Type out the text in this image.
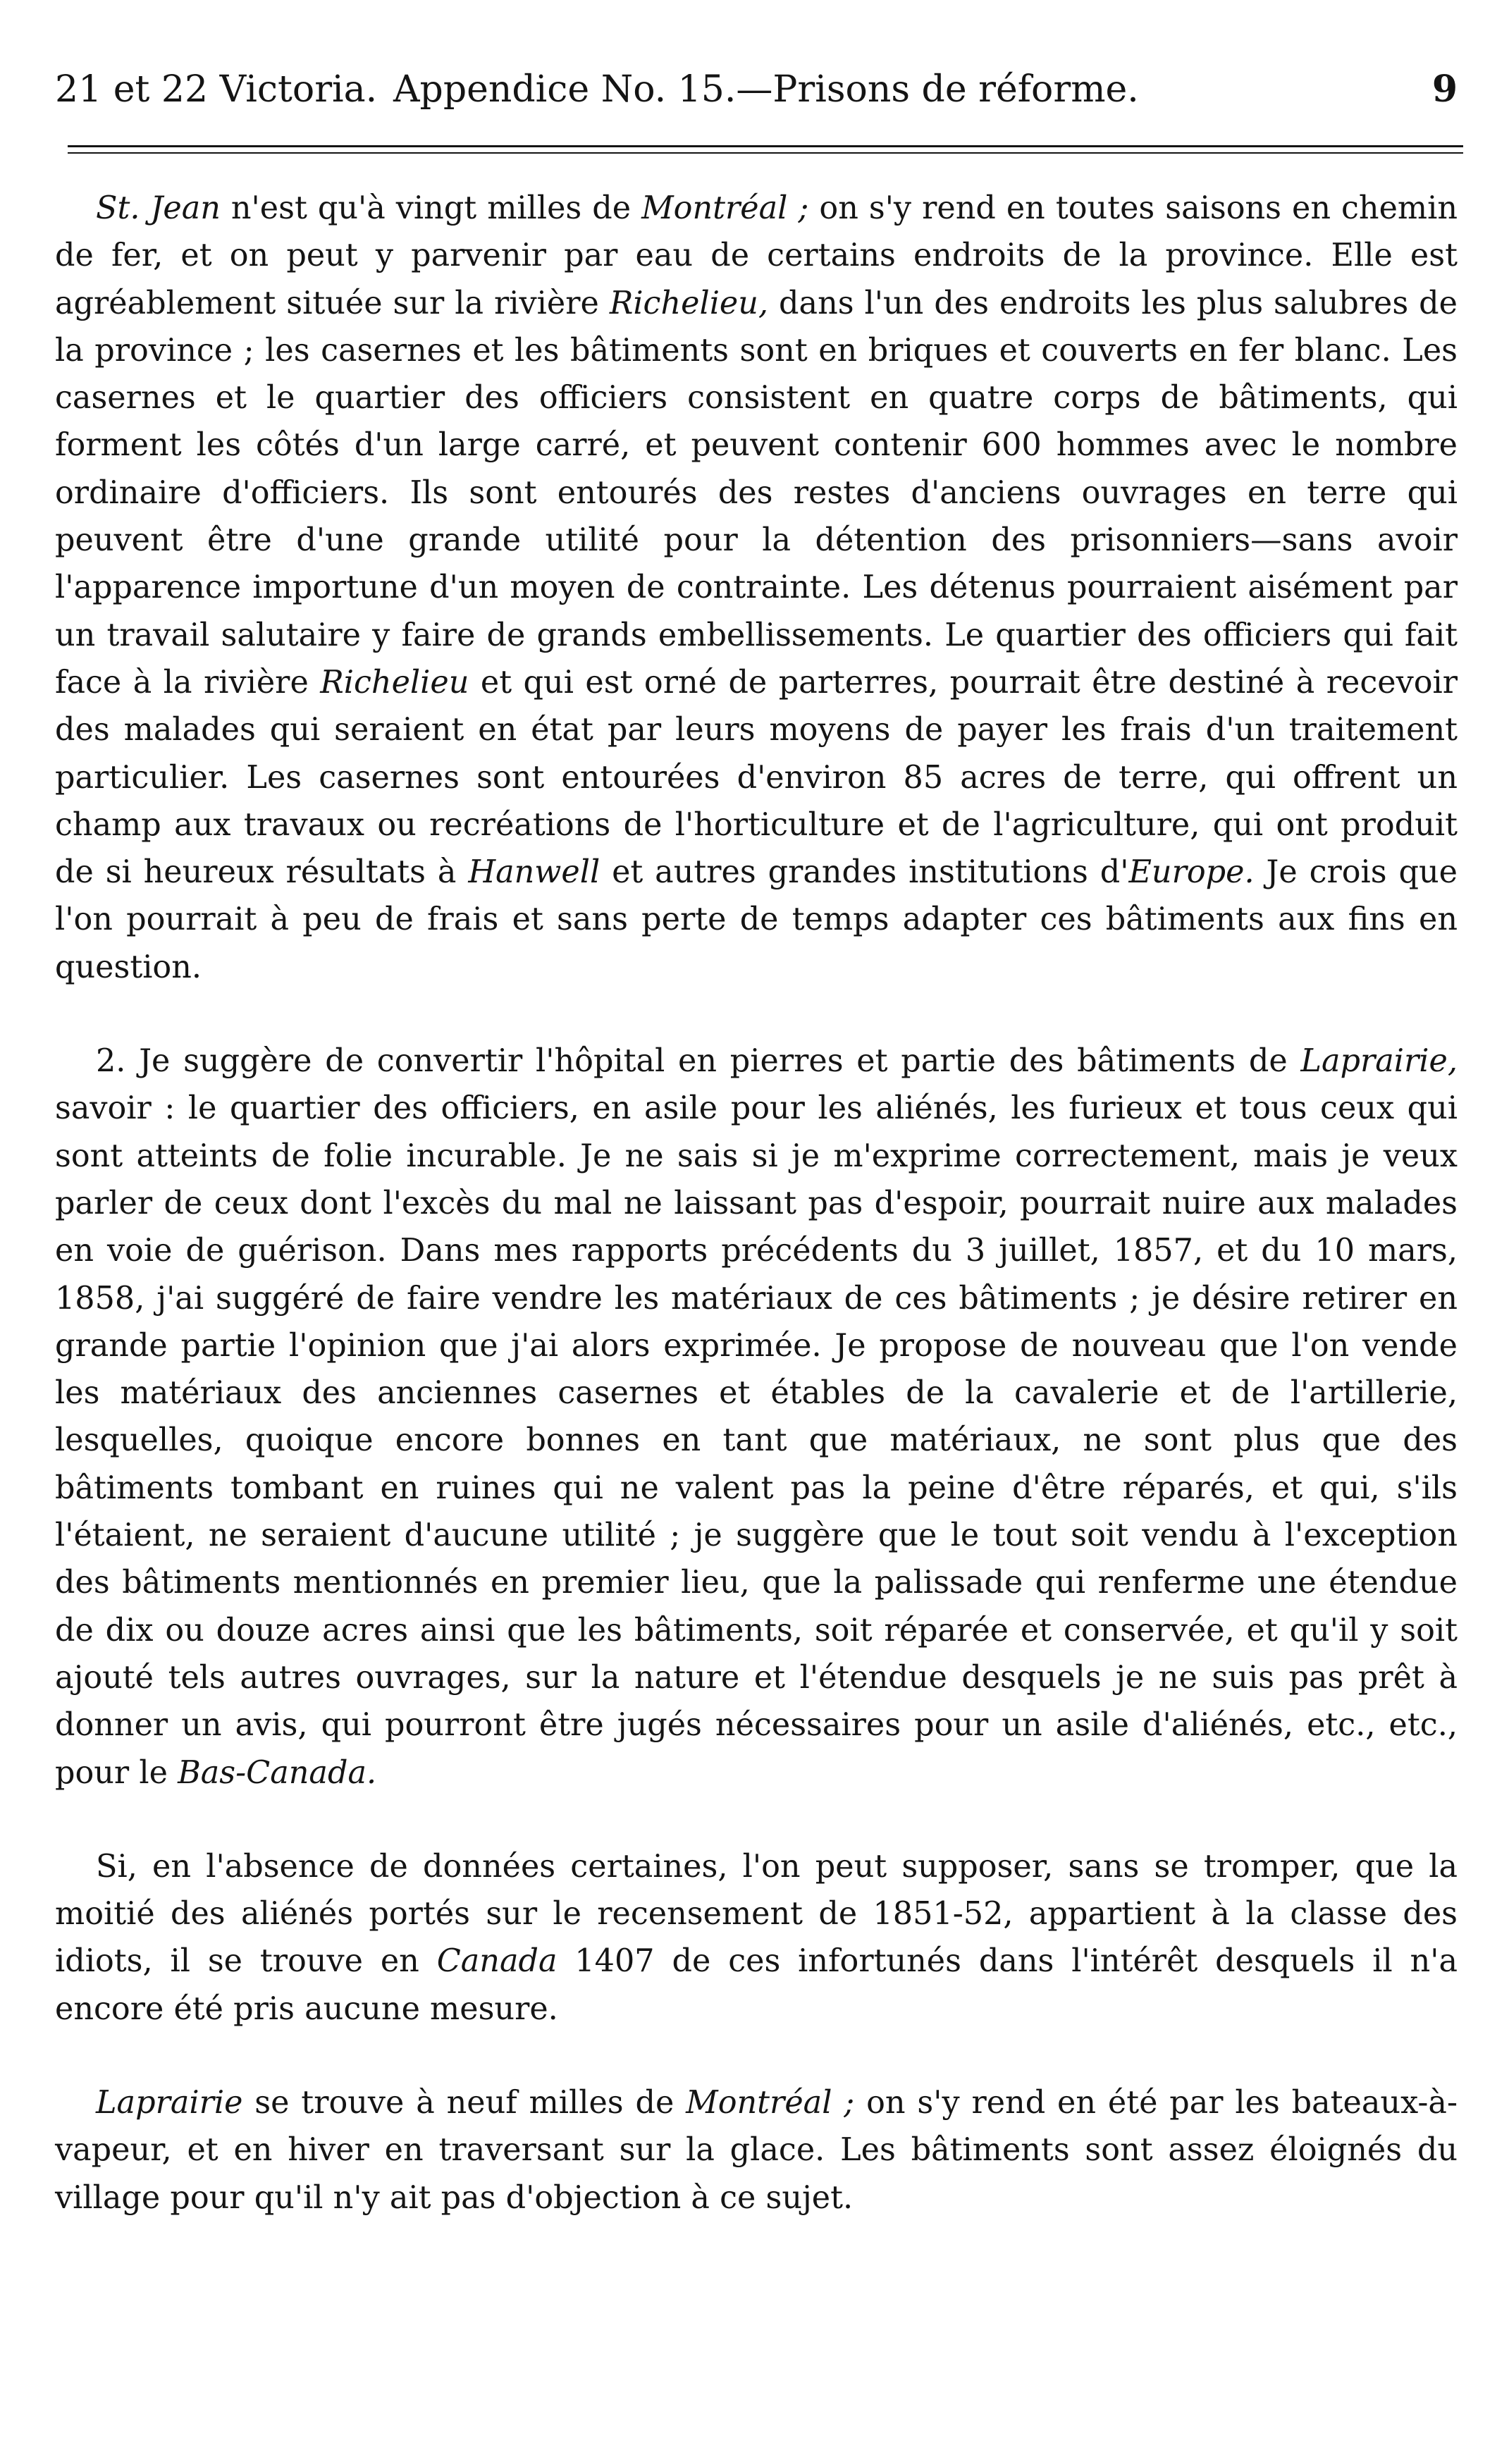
21 et 22 Victoria. Appendice No. 15.—Prisons de réforme.	9

St. Jean n'est qu'à vingt milles de Montréal ; on s'y rend en toutes saisons en chemin de fer, et on peut y parvenir par eau de certains endroits de la province. Elle est agréablement située sur la rivière Richelieu, dans l'un des endroits les plus salubres de la province ; les casernes et les bâtiments sont en briques et couverts en fer blanc. Les casernes et le quartier des officiers consistent en quatre corps de bâtiments, qui forment les côtés d'un large carré, et peuvent contenir 600 hommes avec le nombre ordinaire d'officiers. Ils sont entourés des restes d'anciens ouvrages en terre qui peuvent être d'une grande utilité pour la détention des prisonniers—sans avoir l'apparence importune d'un moyen de contrainte. Les détenus pourraient aisément par un travail salutaire y faire de grands embellissements. Le quartier des officiers qui fait face à la rivière Richelieu et qui est orné de parterres, pourrait être destiné à recevoir des malades qui seraient en état par leurs moyens de payer les frais d'un traitement particulier. Les casernes sont entourées d'environ 85 acres de terre, qui offrent un champ aux travaux ou recréations de l'horticulture et de l'agriculture, qui ont produit de si heureux résultats à Hanwell et autres grandes institutions d'Europe. Je crois que l'on pourrait à peu de frais et sans perte de temps adapter ces bâtiments aux fins en question.

2. Je suggère de convertir l'hôpital en pierres et partie des bâtiments de Laprairie, savoir : le quartier des officiers, en asile pour les aliénés, les furieux et tous ceux qui sont atteints de folie incurable. Je ne sais si je m'exprime correctement, mais je veux parler de ceux dont l'excès du mal ne laissant pas d'espoir, pourrait nuire aux malades en voie de guérison. Dans mes rapports précédents du 3 juillet, 1857, et du 10 mars, 1858, j'ai suggéré de faire vendre les matériaux de ces bâtiments ; je désire retirer en grande partie l'opinion que j'ai alors exprimée. Je propose de nouveau que l'on vende les matériaux des anciennes casernes et étables de la cavalerie et de l'artillerie, lesquelles, quoique encore bonnes en tant que matériaux, ne sont plus que des bâtiments tombant en ruines qui ne valent pas la peine d'être réparés, et qui, s'ils l'étaient, ne seraient d'aucune utilité ; je suggère que le tout soit vendu à l'exception des bâtiments mentionnés en premier lieu, que la palissade qui renferme une étendue de dix ou douze acres ainsi que les bâtiments, soit réparée et conservée, et qu'il y soit ajouté tels autres ouvrages, sur la nature et l'étendue desquels je ne suis pas prêt à donner un avis, qui pourront être jugés nécessaires pour un asile d'aliénés, etc., etc., pour le Bas-Canada.

Si, en l'absence de données certaines, l'on peut supposer, sans se tromper, que la moitié des aliénés portés sur le recensement de 1851-52, appartient à la classe des idiots, il se trouve en Canada 1407 de ces infortunés dans l'intérêt desquels il n'a encore été pris aucune mesure.

Laprairie se trouve à neuf milles de Montréal ; on s'y rend en été par les bateaux-à-vapeur, et en hiver en traversant sur la glace. Les bâtiments sont assez éloignés du village pour qu'il n'y ait pas d'objection à ce sujet.
